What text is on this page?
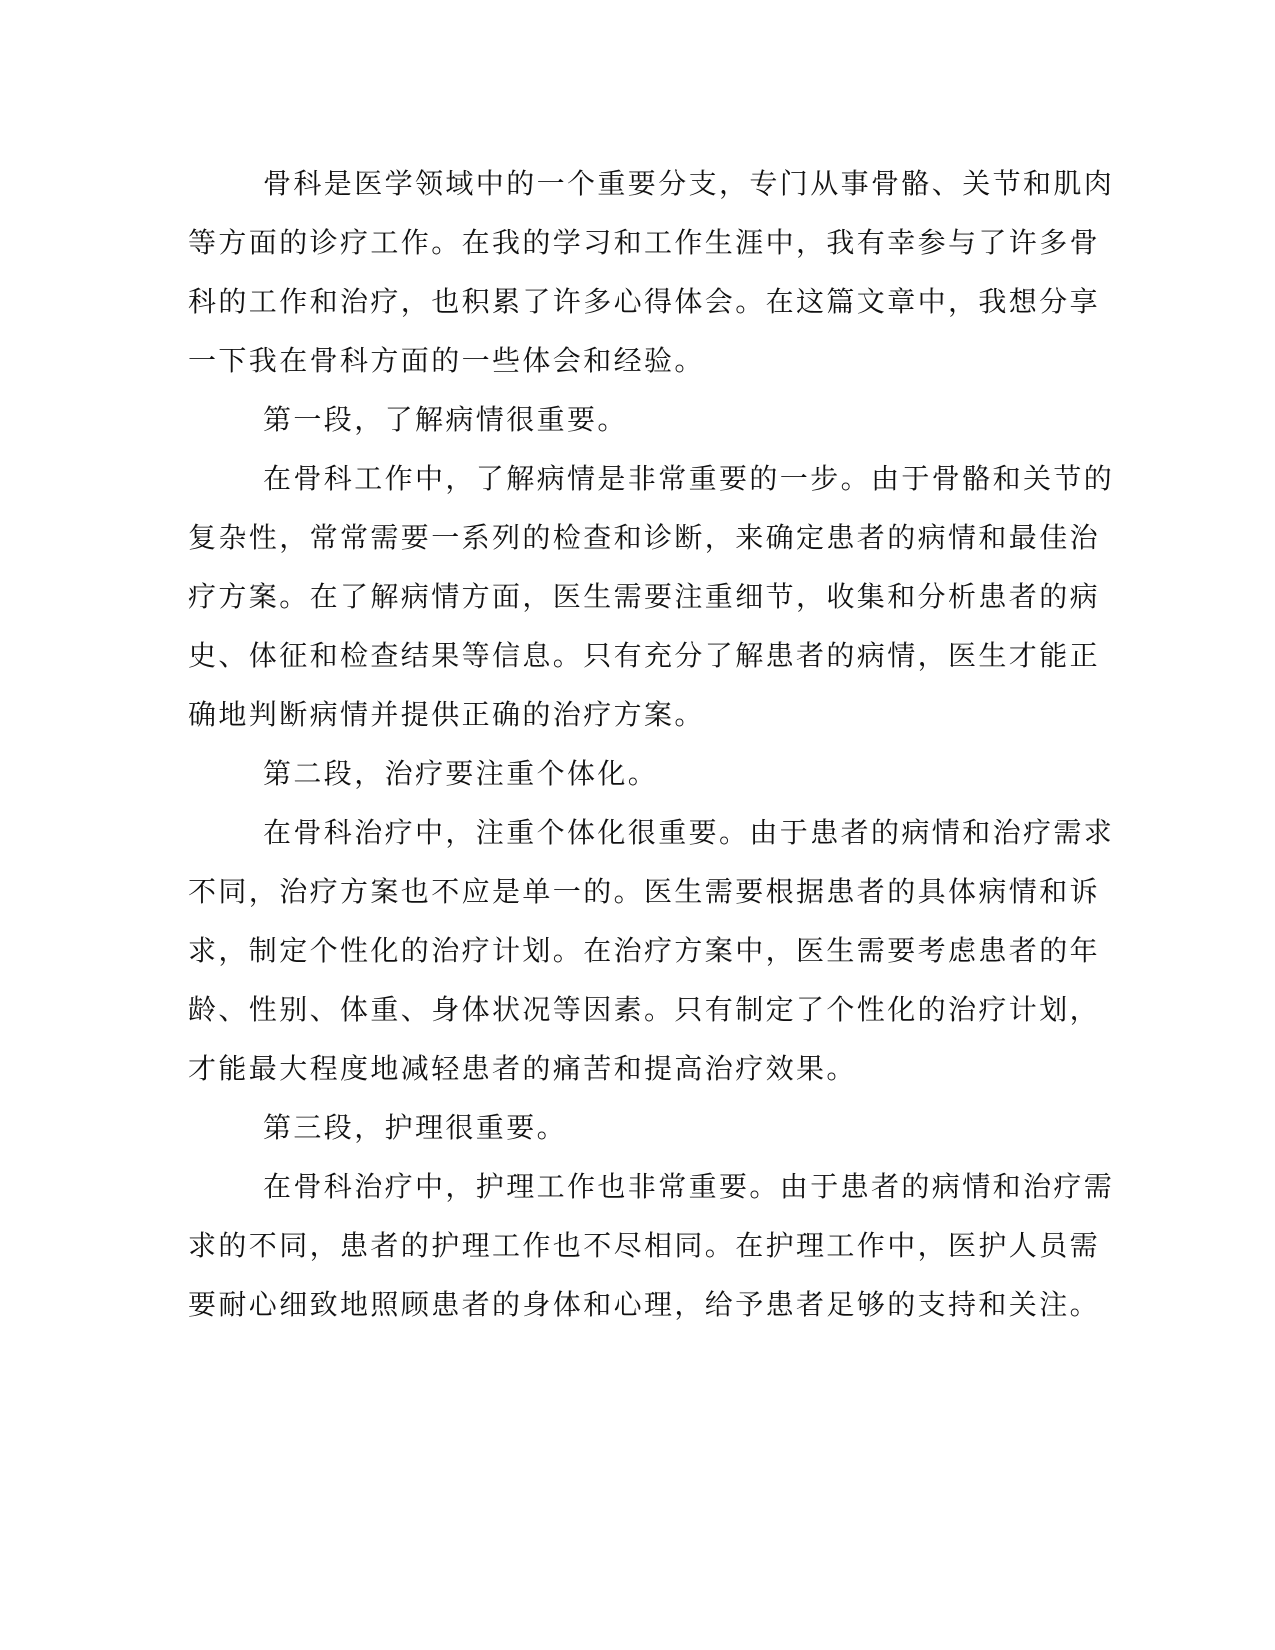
骨科是医学领域中的一个重要分支，专门从事骨骼、关节和肌肉
等方面的诊疗工作。在我的学习和工作生涯中，我有幸参与了许多骨
科的工作和治疗，也积累了许多心得体会。在这篇文章中，我想分享
一下我在骨科方面的一些体会和经验。
第一段，了解病情很重要。
在骨科工作中，了解病情是非常重要的一步。由于骨骼和关节的
复杂性，常常需要一系列的检查和诊断，来确定患者的病情和最佳治
疗方案。在了解病情方面，医生需要注重细节，收集和分析患者的病
史、体征和检查结果等信息。只有充分了解患者的病情，医生才能正
确地判断病情并提供正确的治疗方案。
第二段，治疗要注重个体化。
在骨科治疗中，注重个体化很重要。由于患者的病情和治疗需求
不同，治疗方案也不应是单一的。医生需要根据患者的具体病情和诉
求，制定个性化的治疗计划。在治疗方案中，医生需要考虑患者的年
龄、性别、体重、身体状况等因素。只有制定了个性化的治疗计划，
才能最大程度地减轻患者的痛苦和提高治疗效果。
第三段，护理很重要。
在骨科治疗中，护理工作也非常重要。由于患者的病情和治疗需
求的不同，患者的护理工作也不尽相同。在护理工作中，医护人员需
要耐心细致地照顾患者的身体和心理，给予患者足够的支持和关注。
